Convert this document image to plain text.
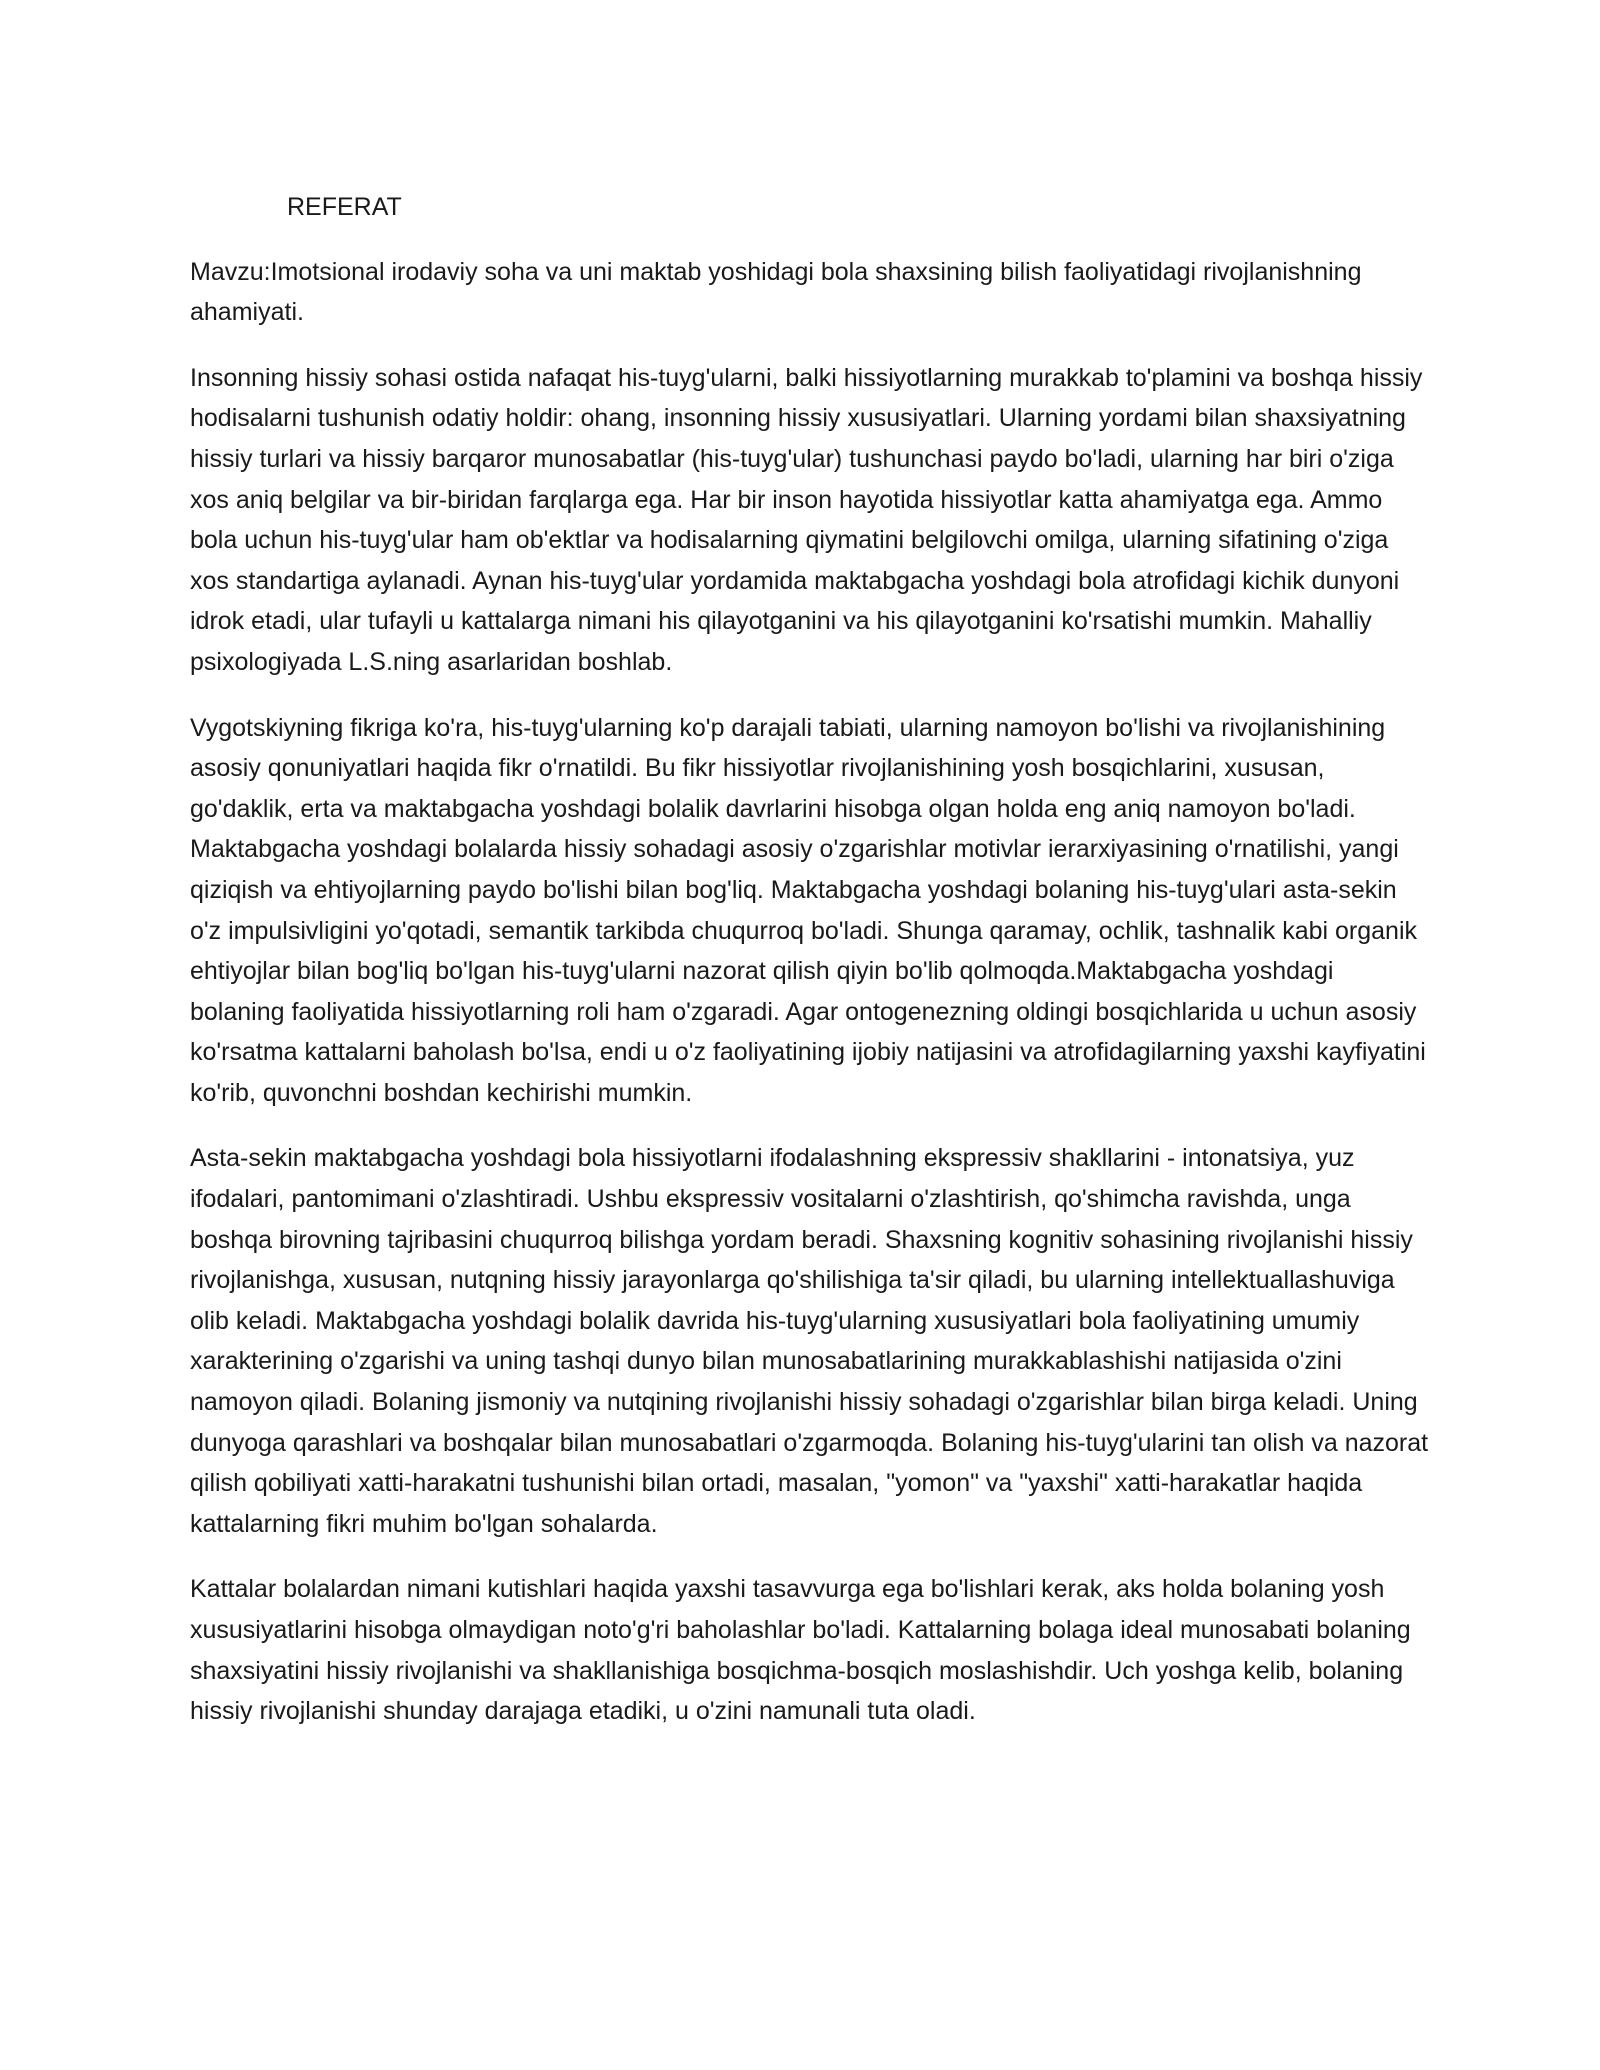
REFERAT

Mavzu:Imotsional irodaviy soha va uni maktab yoshidagi bola shaxsining bilish faoliyatidagi rivojlanishning ahamiyati.

Insonning hissiy sohasi ostida nafaqat his-tuyg'ularni, balki hissiyotlarning murakkab to'plamini va boshqa hissiy hodisalarni tushunish odatiy holdir: ohang, insonning hissiy xususiyatlari. Ularning yordami bilan shaxsiyatning hissiy turlari va hissiy barqaror munosabatlar (his-tuyg'ular) tushunchasi paydo bo'ladi, ularning har biri o'ziga xos aniq belgilar va bir-biridan farqlarga ega. Har bir inson hayotida hissiyotlar katta ahamiyatga ega. Ammo bola uchun his-tuyg'ular ham ob'ektlar va hodisalarning qiymatini belgilovchi omilga, ularning sifatining o'ziga xos standartiga aylanadi. Aynan his-tuyg'ular yordamida maktabgacha yoshdagi bola atrofidagi kichik dunyoni idrok etadi, ular tufayli u kattalarga nimani his qilayotganini va his qilayotganini ko'rsatishi mumkin. Mahalliy psixologiyada L.S.ning asarlaridan boshlab.

Vygotskiyning fikriga ko'ra, his-tuyg'ularning ko'p darajali tabiati, ularning namoyon bo'lishi va rivojlanishining asosiy qonuniyatlari haqida fikr o'rnatildi. Bu fikr hissiyotlar rivojlanishining yosh bosqichlarini, xususan, go'daklik, erta va maktabgacha yoshdagi bolalik davrlarini hisobga olgan holda eng aniq namoyon bo'ladi. Maktabgacha yoshdagi bolalarda hissiy sohadagi asosiy o'zgarishlar motivlar ierarxiyasining o'rnatilishi, yangi qiziqish va ehtiyojlarning paydo bo'lishi bilan bog'liq. Maktabgacha yoshdagi bolaning his-tuyg'ulari asta-sekin o'z impulsivligini yo'qotadi, semantik tarkibda chuqurroq bo'ladi. Shunga qaramay, ochlik, tashnalik kabi organik ehtiyojlar bilan bog'liq bo'lgan his-tuyg'ularni nazorat qilish qiyin bo'lib qolmoqda.Maktabgacha yoshdagi bolaning faoliyatida hissiyotlarning roli ham o'zgaradi. Agar ontogenezning oldingi bosqichlarida u uchun asosiy ko'rsatma kattalarni baholash bo'lsa, endi u o'z faoliyatining ijobiy natijasini va atrofidagilarning yaxshi kayfiyatini ko'rib, quvonchni boshdan kechirishi mumkin.

Asta-sekin maktabgacha yoshdagi bola hissiyotlarni ifodalashning ekspressiv shakllarini - intonatsiya, yuz ifodalari, pantomimani o'zlashtiradi. Ushbu ekspressiv vositalarni o'zlashtirish, qo'shimcha ravishda, unga boshqa birovning tajribasini chuqurroq bilishga yordam beradi. Shaxsning kognitiv sohasining rivojlanishi hissiy rivojlanishga, xususan, nutqning hissiy jarayonlarga qo'shilishiga ta'sir qiladi, bu ularning intellektuallashuviga olib keladi. Maktabgacha yoshdagi bolalik davrida his-tuyg'ularning xususiyatlari bola faoliyatining umumiy xarakterining o'zgarishi va uning tashqi dunyo bilan munosabatlarining murakkablashishi natijasida o'zini namoyon qiladi. Bolaning jismoniy va nutqining rivojlanishi hissiy sohadagi o'zgarishlar bilan birga keladi. Uning dunyoga qarashlari va boshqalar bilan munosabatlari o'zgarmoqda. Bolaning his-tuyg'ularini tan olish va nazorat qilish qobiliyati xatti-harakatni tushunishi bilan ortadi, masalan, "yomon" va "yaxshi" xatti-harakatlar haqida kattalarning fikri muhim bo'lgan sohalarda.

Kattalar bolalardan nimani kutishlari haqida yaxshi tasavvurga ega bo'lishlari kerak, aks holda bolaning yosh xususiyatlarini hisobga olmaydigan noto'g'ri baholashlar bo'ladi. Kattalarning bolaga ideal munosabati bolaning shaxsiyatini hissiy rivojlanishi va shakllanishiga bosqichma-bosqich moslashishdir. Uch yoshga kelib, bolaning hissiy rivojlanishi shunday darajaga etadiki, u o'zini namunali tuta oladi.
